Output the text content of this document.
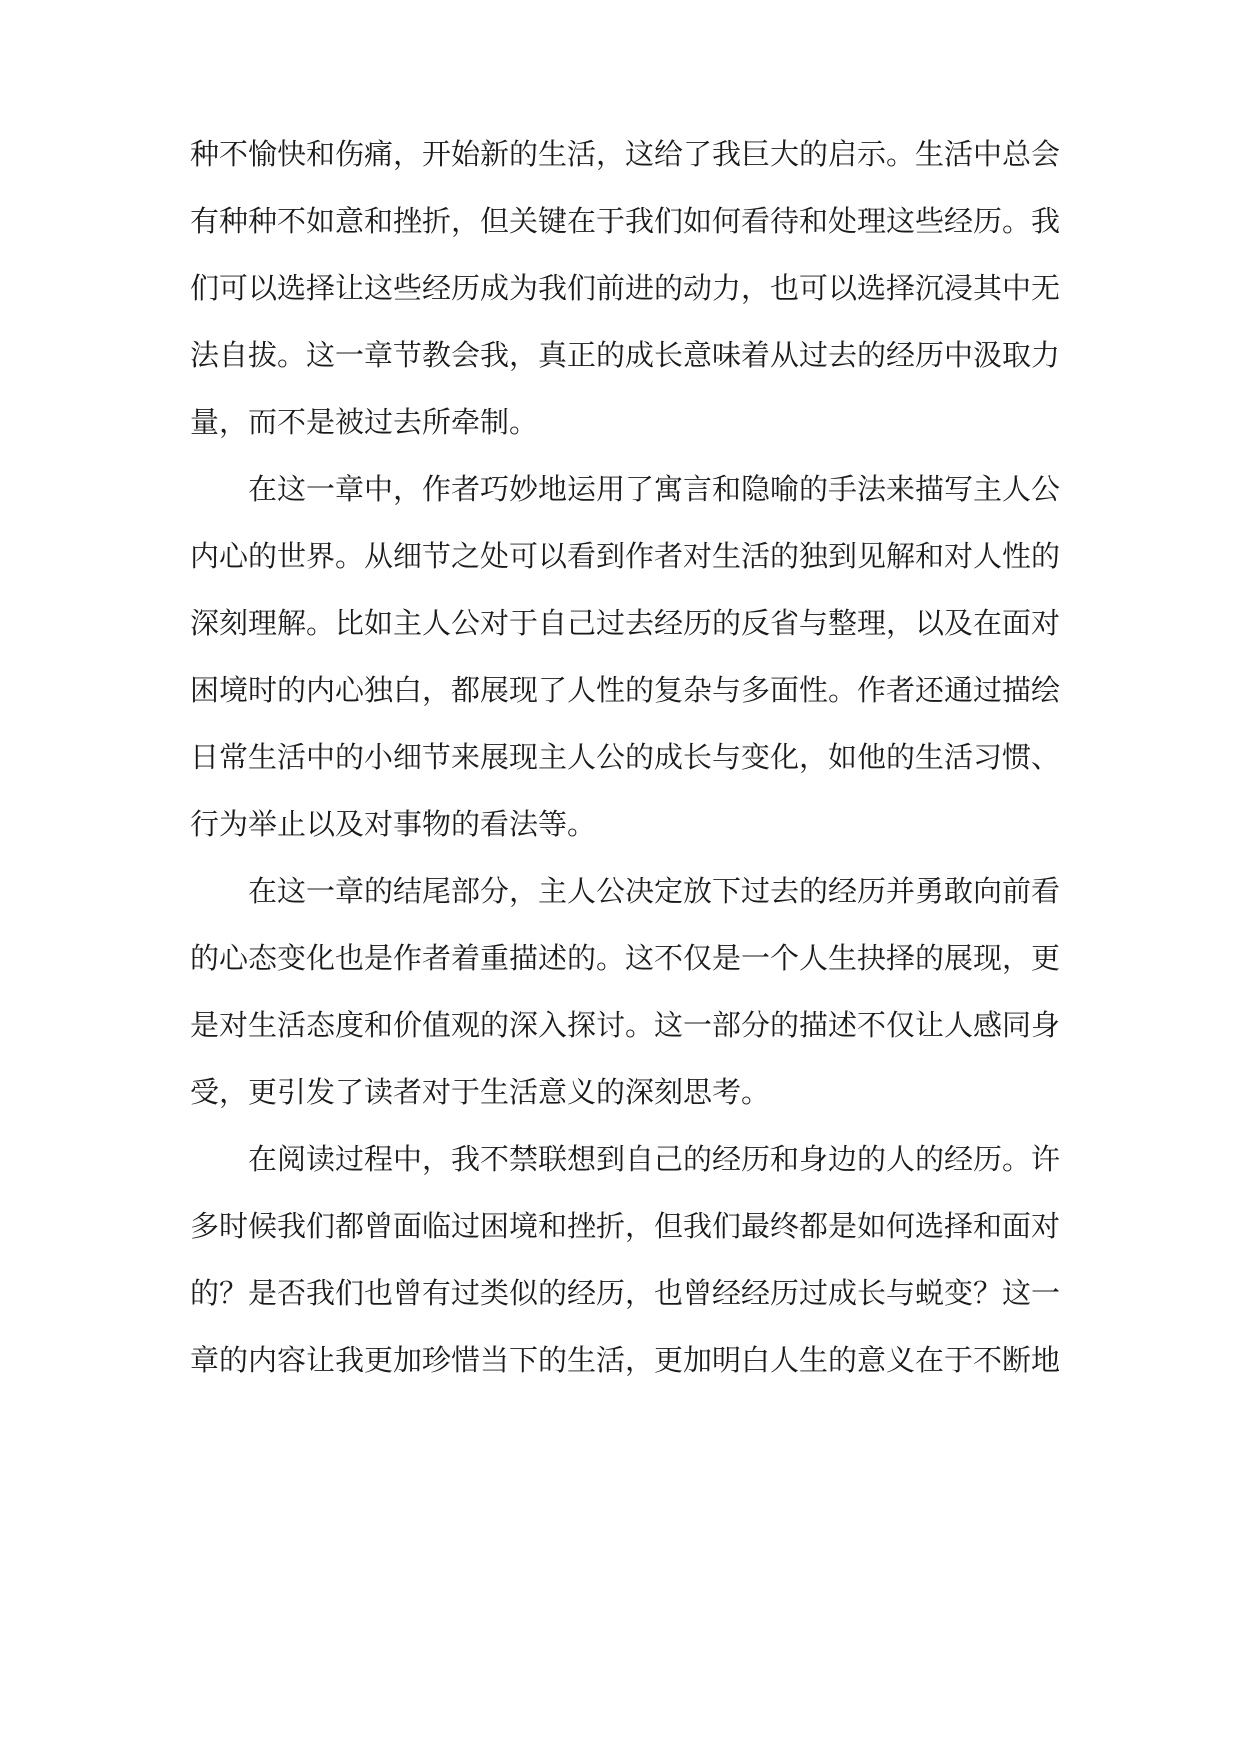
种不愉快和伤痛，开始新的生活，这给了我巨大的启示。生活中总会
有种种不如意和挫折，但关键在于我们如何看待和处理这些经历。我
们可以选择让这些经历成为我们前进的动力，也可以选择沉浸其中无
法自拔。这一章节教会我，真正的成长意味着从过去的经历中汲取力
量，而不是被过去所牵制。
在这一章中，作者巧妙地运用了寓言和隐喻的手法来描写主人公
内心的世界。从细节之处可以看到作者对生活的独到见解和对人性的
深刻理解。比如主人公对于自己过去经历的反省与整理，以及在面对
困境时的内心独白，都展现了人性的复杂与多面性。作者还通过描绘
日常生活中的小细节来展现主人公的成长与变化，如他的生活习惯、
行为举止以及对事物的看法等。
在这一章的结尾部分，主人公决定放下过去的经历并勇敢向前看
的心态变化也是作者着重描述的。这不仅是一个人生抉择的展现，更
是对生活态度和价值观的深入探讨。这一部分的描述不仅让人感同身
受，更引发了读者对于生活意义的深刻思考。
在阅读过程中，我不禁联想到自己的经历和身边的人的经历。许
多时候我们都曾面临过困境和挫折，但我们最终都是如何选择和面对
的？是否我们也曾有过类似的经历，也曾经经历过成长与蜕变？这一
章的内容让我更加珍惜当下的生活，更加明白人生的意义在于不断地
